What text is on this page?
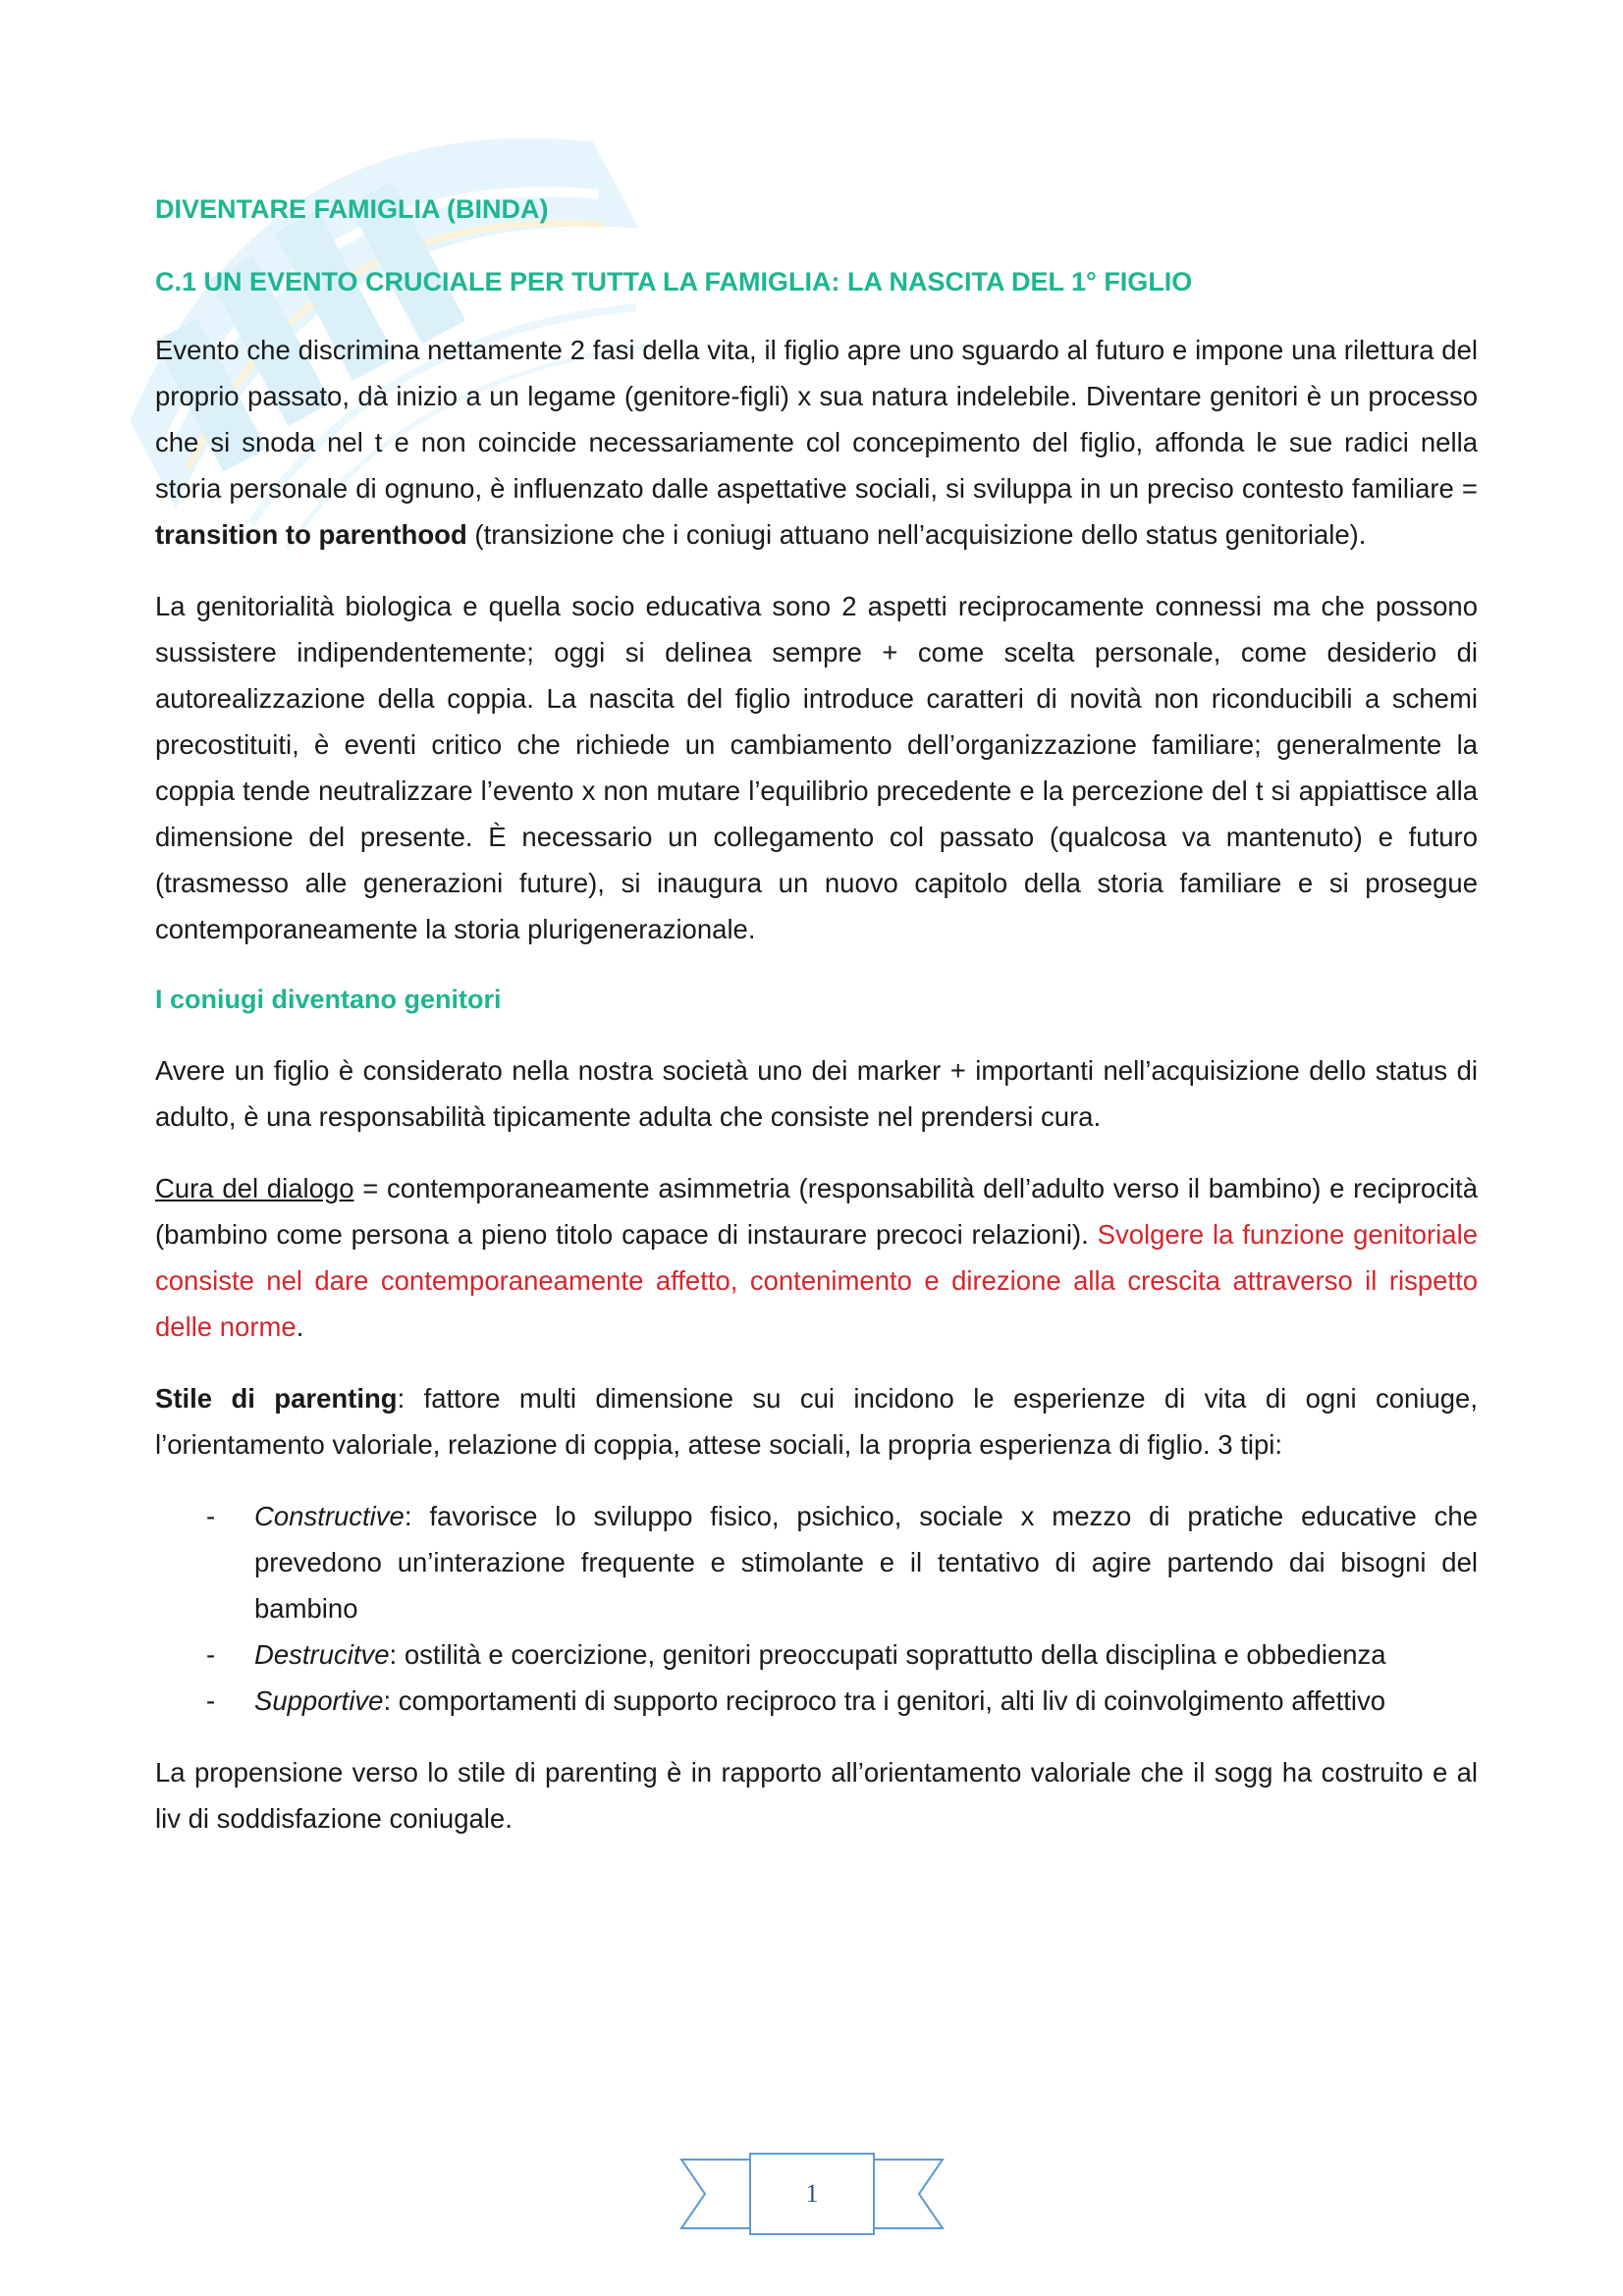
DIVENTARE FAMIGLIA (BINDA)
C.1 UN EVENTO CRUCIALE PER TUTTA LA FAMIGLIA: LA NASCITA DEL 1° FIGLIO

Evento che discrimina nettamente 2 fasi della vita, il figlio apre uno sguardo al futuro e impone una rilettura del proprio passato, dà inizio a un legame (genitore-figli) x sua natura indelebile. Diventare genitori è un processo che si snoda nel t e non coincide necessariamente col concepimento del figlio, affonda le sue radici nella storia personale di ognuno, è influenzato dalle aspettative sociali, si sviluppa in un preciso contesto familiare = transition to parenthood (transizione che i coniugi attuano nell’acquisizione dello status genitoriale).

La genitorialità biologica e quella socio educativa sono 2 aspetti reciprocamente connessi ma che possono sussistere indipendentemente; oggi si delinea sempre + come scelta personale, come desiderio di autorealizzazione della coppia. La nascita del figlio introduce caratteri di novità non riconducibili a schemi precostituiti, è eventi critico che richiede un cambiamento dell’organizzazione familiare; generalmente la coppia tende neutralizzare l’evento x non mutare l’equilibrio precedente e la percezione del t si appiattisce alla dimensione del presente. È necessario un collegamento col passato (qualcosa va mantenuto) e futuro (trasmesso alle generazioni future), si inaugura un nuovo capitolo della storia familiare e si prosegue contemporaneamente la storia plurigenerazionale.

I coniugi diventano genitori

Avere un figlio è considerato nella nostra società uno dei marker + importanti nell’acquisizione dello status di adulto, è una responsabilità tipicamente adulta che consiste nel prendersi cura.

Cura del dialogo = contemporaneamente asimmetria (responsabilità dell’adulto verso il bambino) e reciprocità (bambino come persona a pieno titolo capace di instaurare precoci relazioni). Svolgere la funzione genitoriale consiste nel dare contemporaneamente affetto, contenimento e direzione alla crescita attraverso il rispetto delle norme.

Stile di parenting: fattore multi dimensione su cui incidono le esperienze di vita di ogni coniuge, l’orientamento valoriale, relazione di coppia, attese sociali, la propria esperienza di figlio. 3 tipi:

- Constructive: favorisce lo sviluppo fisico, psichico, sociale x mezzo di pratiche educative che prevedono un’interazione frequente e stimolante e il tentativo di agire partendo dai bisogni del bambino
- Destrucitve: ostilità e coercizione, genitori preoccupati soprattutto della disciplina e obbedienza
- Supportive: comportamenti di supporto reciproco tra i genitori, alti liv di coinvolgimento affettivo

La propensione verso lo stile di parenting è in rapporto all’orientamento valoriale che il sogg ha costruito e al liv di soddisfazione coniugale.

1
